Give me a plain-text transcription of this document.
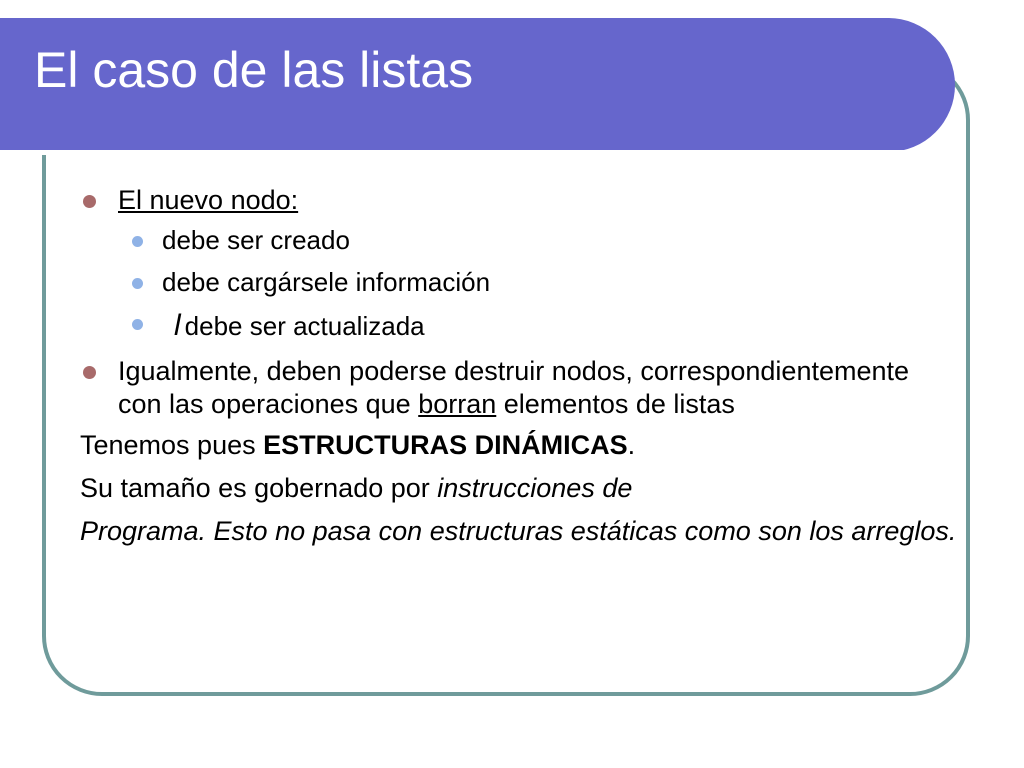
El caso de las listas
El nuevo nodo:
debe ser creado
debe cargársele información
l debe ser actualizada
Igualmente, deben poderse destruir nodos, correspondientemente con las operaciones que borran elementos de listas

Tenemos pues ESTRUCTURAS DINÁMICAS.

Su tamaño es gobernado por instrucciones de

Programa. Esto no pasa con estructuras estáticas como son los arreglos.
